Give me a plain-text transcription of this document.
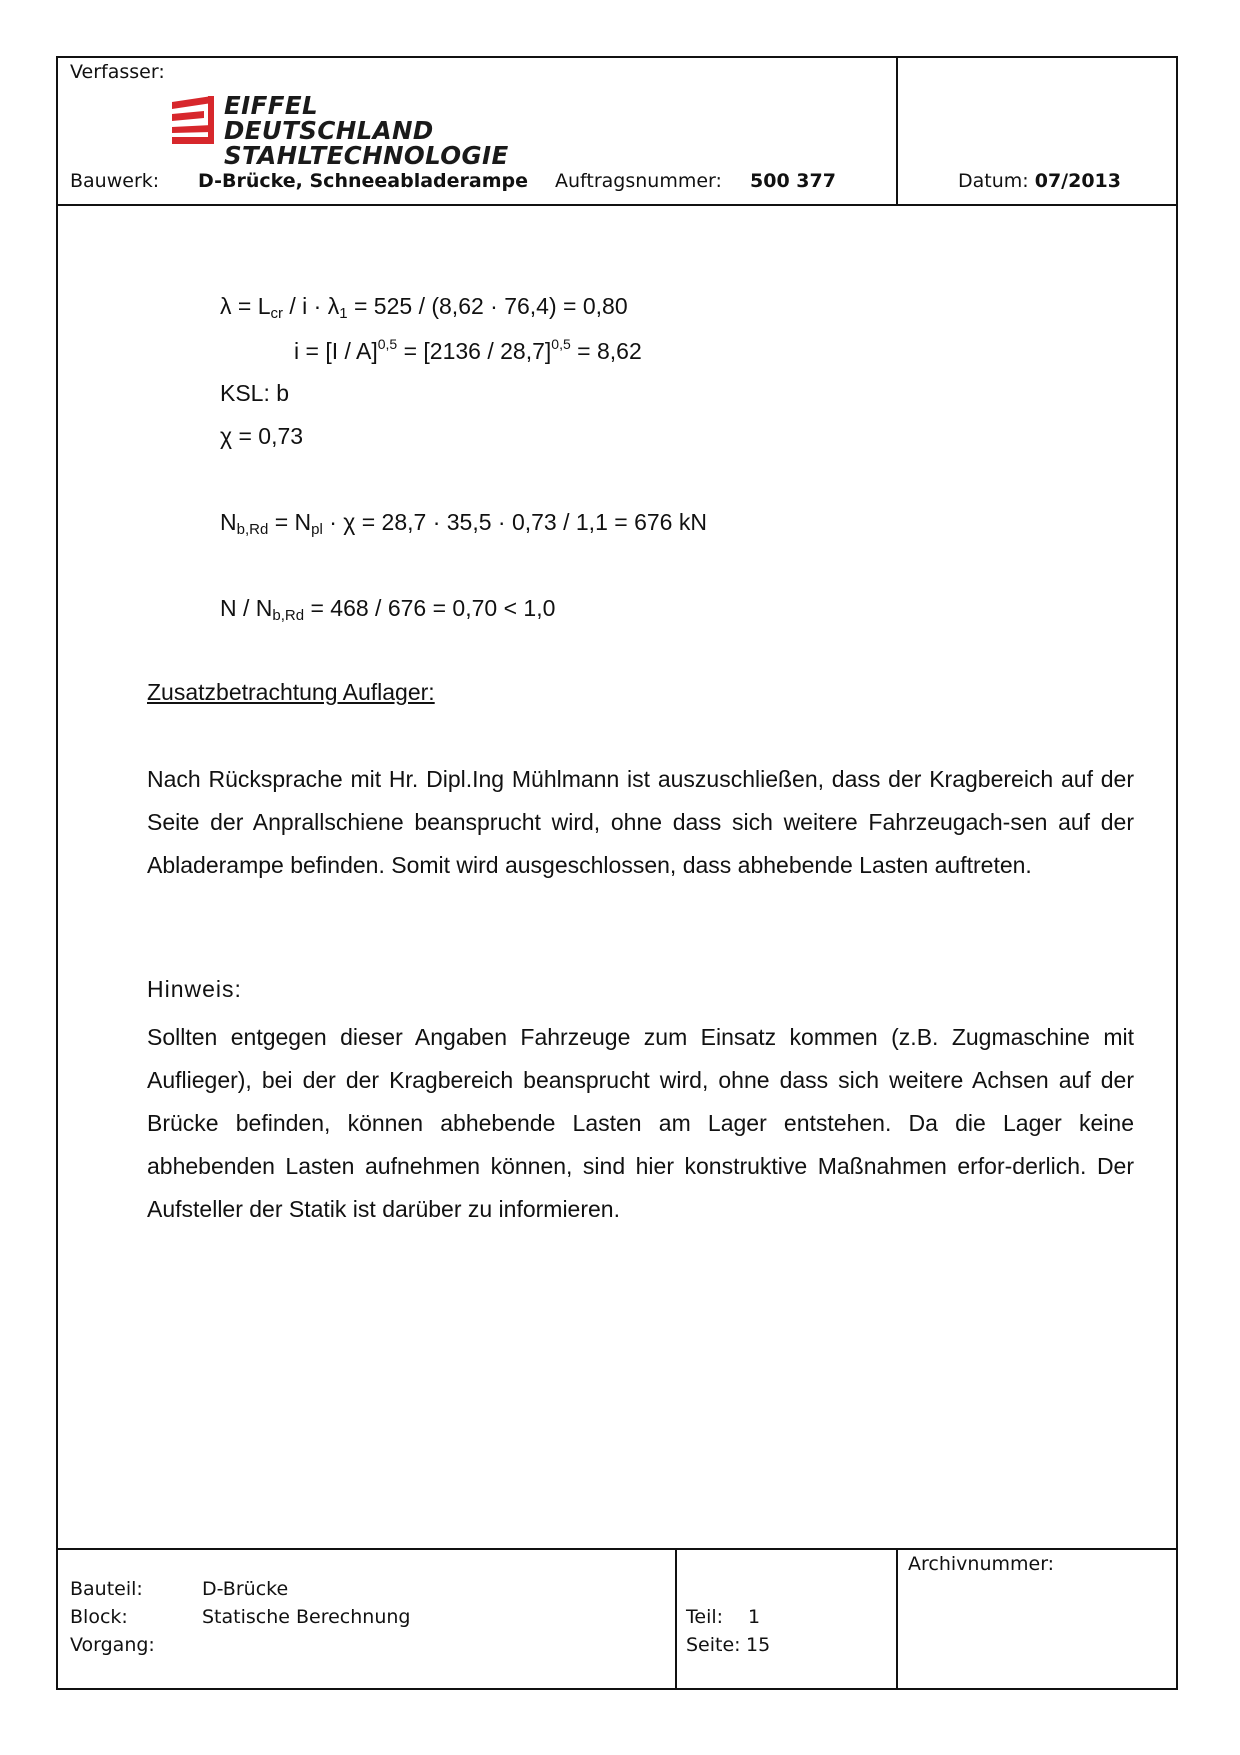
Verfasser:
EIFFEL DEUTSCHLAND
STAHLTECHNOLOGIE
Bauwerk: D-Brücke, Schneeabladerampe Auftragsnummer: 500 377	Datum: 07/2013
$\lambda = L_{cr} / i \cdot \lambda_1 = 525 / (8,62 \cdot 76,4) = 0,80$
i = [I / A]$^{0,5}$ = [2136 / 28,7]$^{0,5}$ = 8,62
KSL: b
χ = 0,73
$N_{b,Rd} = N_{pl} \cdot \chi = 28,7 \cdot 35,5 \cdot 0,73 / 1,1 = 676$ kN
$N / N_{b,Rd} = 468 / 676 = 0,70 < 1,0$
Zusatzbetrachtung Auflager:

Nach Rücksprache mit Hr. Dipl.Ing Mühlmann ist auszuschließen, dass der Kragbereich auf der Seite der Anprallschiene beansprucht wird, ohne dass sich weitere Fahrzeugach-sen auf der Abladerampe befinden. Somit wird ausgeschlossen, dass abhebende Lasten auftreten.

Hinweis:

Sollten entgegen dieser Angaben Fahrzeuge zum Einsatz kommen (z.B. Zugmaschine mit Auflieger), bei der der Kragbereich beansprucht wird, ohne dass sich weitere Achsen auf der Brücke befinden, können abhebende Lasten am Lager entstehen. Da die Lager keine abhebenden Lasten aufnehmen können, sind hier konstruktive Maßnahmen erfor-derlich. Der Aufsteller der Statik ist darüber zu informieren.

Bauteil:	D-Brücke
Block:	Statische Berechnung
Vorgang:
Teil: 1
Seite: 15
Archivnummer:
